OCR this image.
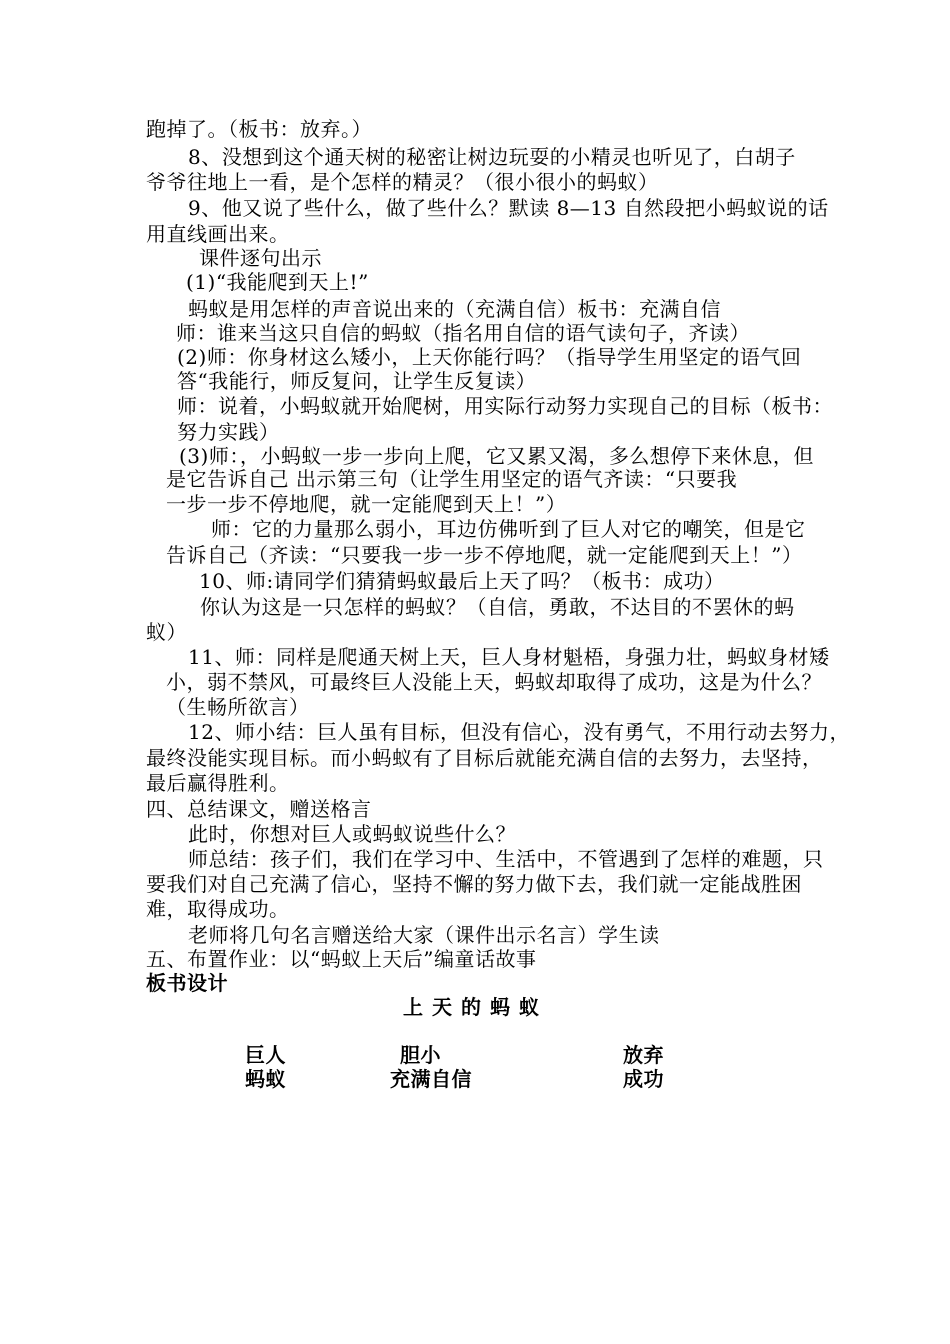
跑掉了。（板书：放弃。）
8、没想到这个通天树的秘密让树边玩耍的小精灵也听见了，白胡子
爷爷往地上一看，是个怎样的精灵？（很小很小的蚂蚁）
9、他又说了些什么，做了些什么？默读 8—13 自然段把小蚂蚁说的话
用直线画出来。
课件逐句出示
(1)“我能爬到天上!”
蚂蚁是用怎样的声音说出来的（充满自信）板书：充满自信
师：谁来当这只自信的蚂蚁（指名用自信的语气读句子，齐读）
(2)师：你身材这么矮小，上天你能行吗？（指导学生用坚定的语气回
答“我能行，师反复问，让学生反复读）
师：说着，小蚂蚁就开始爬树，用实际行动努力实现自己的目标（板书：
努力实践）
(3)师：，小蚂蚁一步一步向上爬，它又累又渴，多么想停下来休息，但
是它告诉自己 出示第三句（让学生用坚定的语气齐读：“只要我
一步一步不停地爬，就一定能爬到天上！”）
师：它的力量那么弱小，耳边仿佛听到了巨人对它的嘲笑，但是它
告诉自己（齐读：“只要我一步一步不停地爬，就一定能爬到天上！”）
10、师:请同学们猜猜蚂蚁最后上天了吗？（板书：成功）
你认为这是一只怎样的蚂蚁？（自信，勇敢，不达目的不罢休的蚂
蚁）
11、师：同样是爬通天树上天，巨人身材魁梧，身强力壮，蚂蚁身材矮
小，弱不禁风，可最终巨人没能上天，蚂蚁却取得了成功，这是为什么？
（生畅所欲言）
12、师小结：巨人虽有目标，但没有信心，没有勇气，不用行动去努力，
最终没能实现目标。而小蚂蚁有了目标后就能充满自信的去努力，去坚持，
最后赢得胜利。
四、总结课文，赠送格言
此时，你想对巨人或蚂蚁说些什么？
师总结：孩子们，我们在学习中、生活中，不管遇到了怎样的难题，只
要我们对自己充满了信心，坚持不懈的努力做下去，我们就一定能战胜困
难，取得成功。
老师将几句名言赠送给大家（课件出示名言）学生读
五、布置作业：以“蚂蚁上天后”编童话故事
板书设计
上天的蚂蚁
巨人	胆小	放弃
蚂蚁	充满自信	成功
